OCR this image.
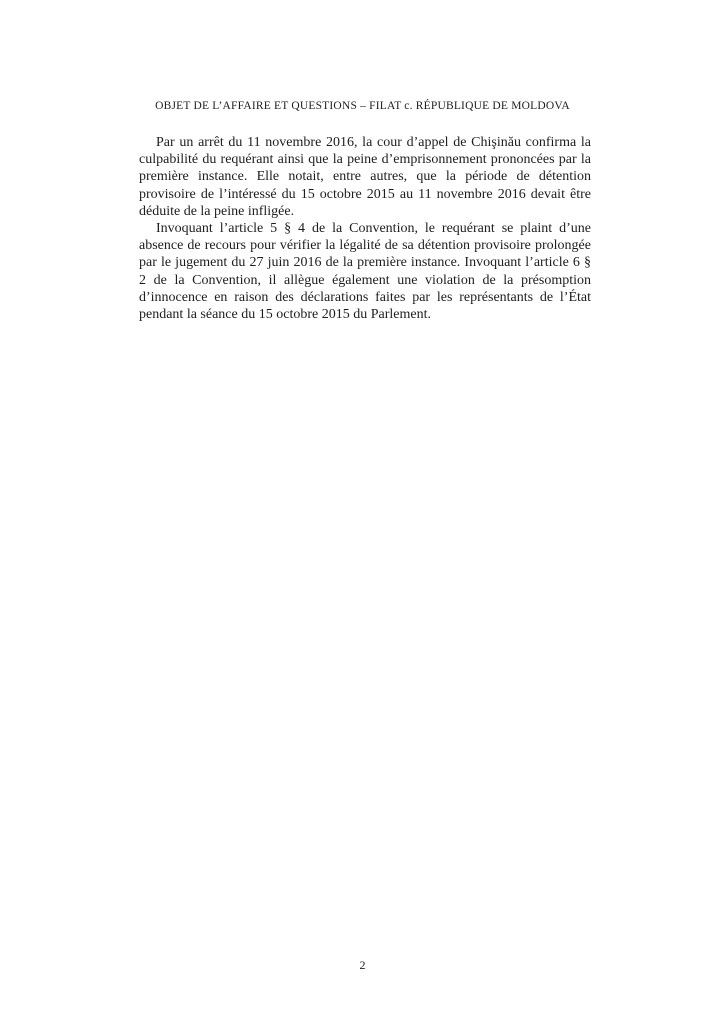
OBJET DE L’AFFAIRE ET QUESTIONS – FILAT c. RÉPUBLIQUE DE MOLDOVA

Par un arrêt du 11 novembre 2016, la cour d’appel de Chişinău confirma la culpabilité du requérant ainsi que la peine d’emprisonnement prononcées par la première instance. Elle notait, entre autres, que la période de détention provisoire de l’intéressé du 15 octobre 2015 au 11 novembre 2016 devait être déduite de la peine infligée.

Invoquant l’article 5 § 4 de la Convention, le requérant se plaint d’une absence de recours pour vérifier la légalité de sa détention provisoire prolongée par le jugement du 27 juin 2016 de la première instance. Invoquant l’article 6 § 2 de la Convention, il allègue également une violation de la présomption d’innocence en raison des déclarations faites par les représentants de l’État pendant la séance du 15 octobre 2015 du Parlement.

2
